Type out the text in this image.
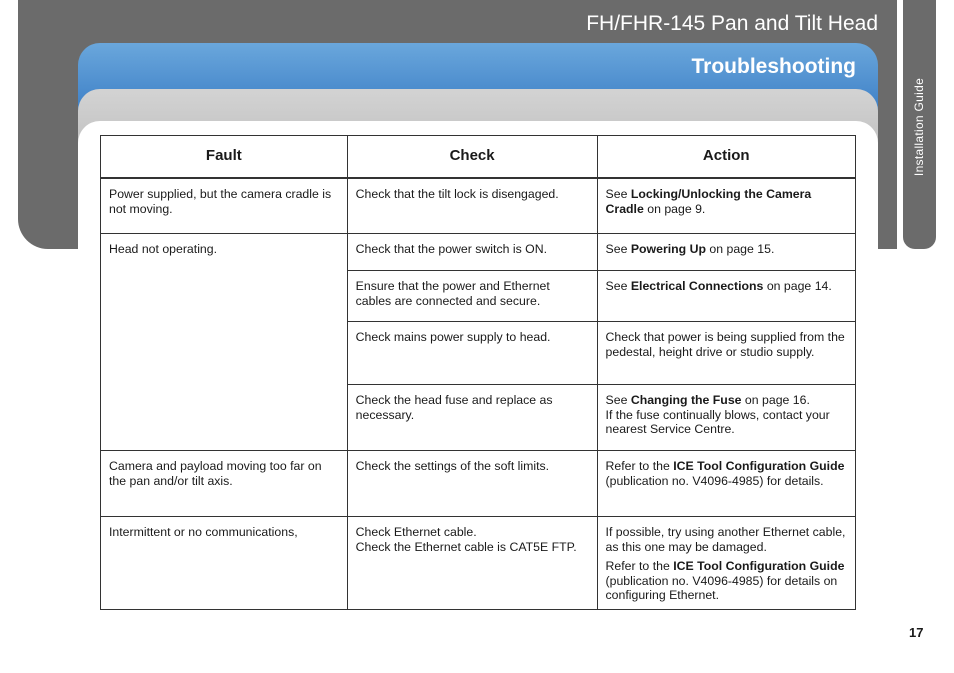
Installation Guide
FH/FHR-145 Pan and Tilt Head
Troubleshooting
Fault	Check	Action
Power supplied, but the camera cradle is not moving.	Check that the tilt lock is disengaged.	See Locking/Unlocking the Camera Cradle on page 9.
Head not operating.	Check that the power switch is ON.	See Powering Up on page 15.
	Ensure that the power and Ethernet cables are connected and secure.	See Electrical Connections on page 14.
	Check mains power supply to head.	Check that power is being supplied from the pedestal, height drive or studio supply.
	Check the head fuse and replace as necessary.	See Changing the Fuse on page 16.
If the fuse continually blows, contact your nearest Service Centre.
Camera and payload moving too far on the pan and/or tilt axis.	Check the settings of the soft limits.	Refer to the ICE Tool Configuration Guide (publication no. V4096-4985) for details.
Intermittent or no communications,	Check Ethernet cable.
Check the Ethernet cable is CAT5E FTP.	If possible, try using another Ethernet cable, as this one may be damaged.
Refer to the ICE Tool Configuration Guide (publication no. V4096-4985) for details on configuring Ethernet.
17
